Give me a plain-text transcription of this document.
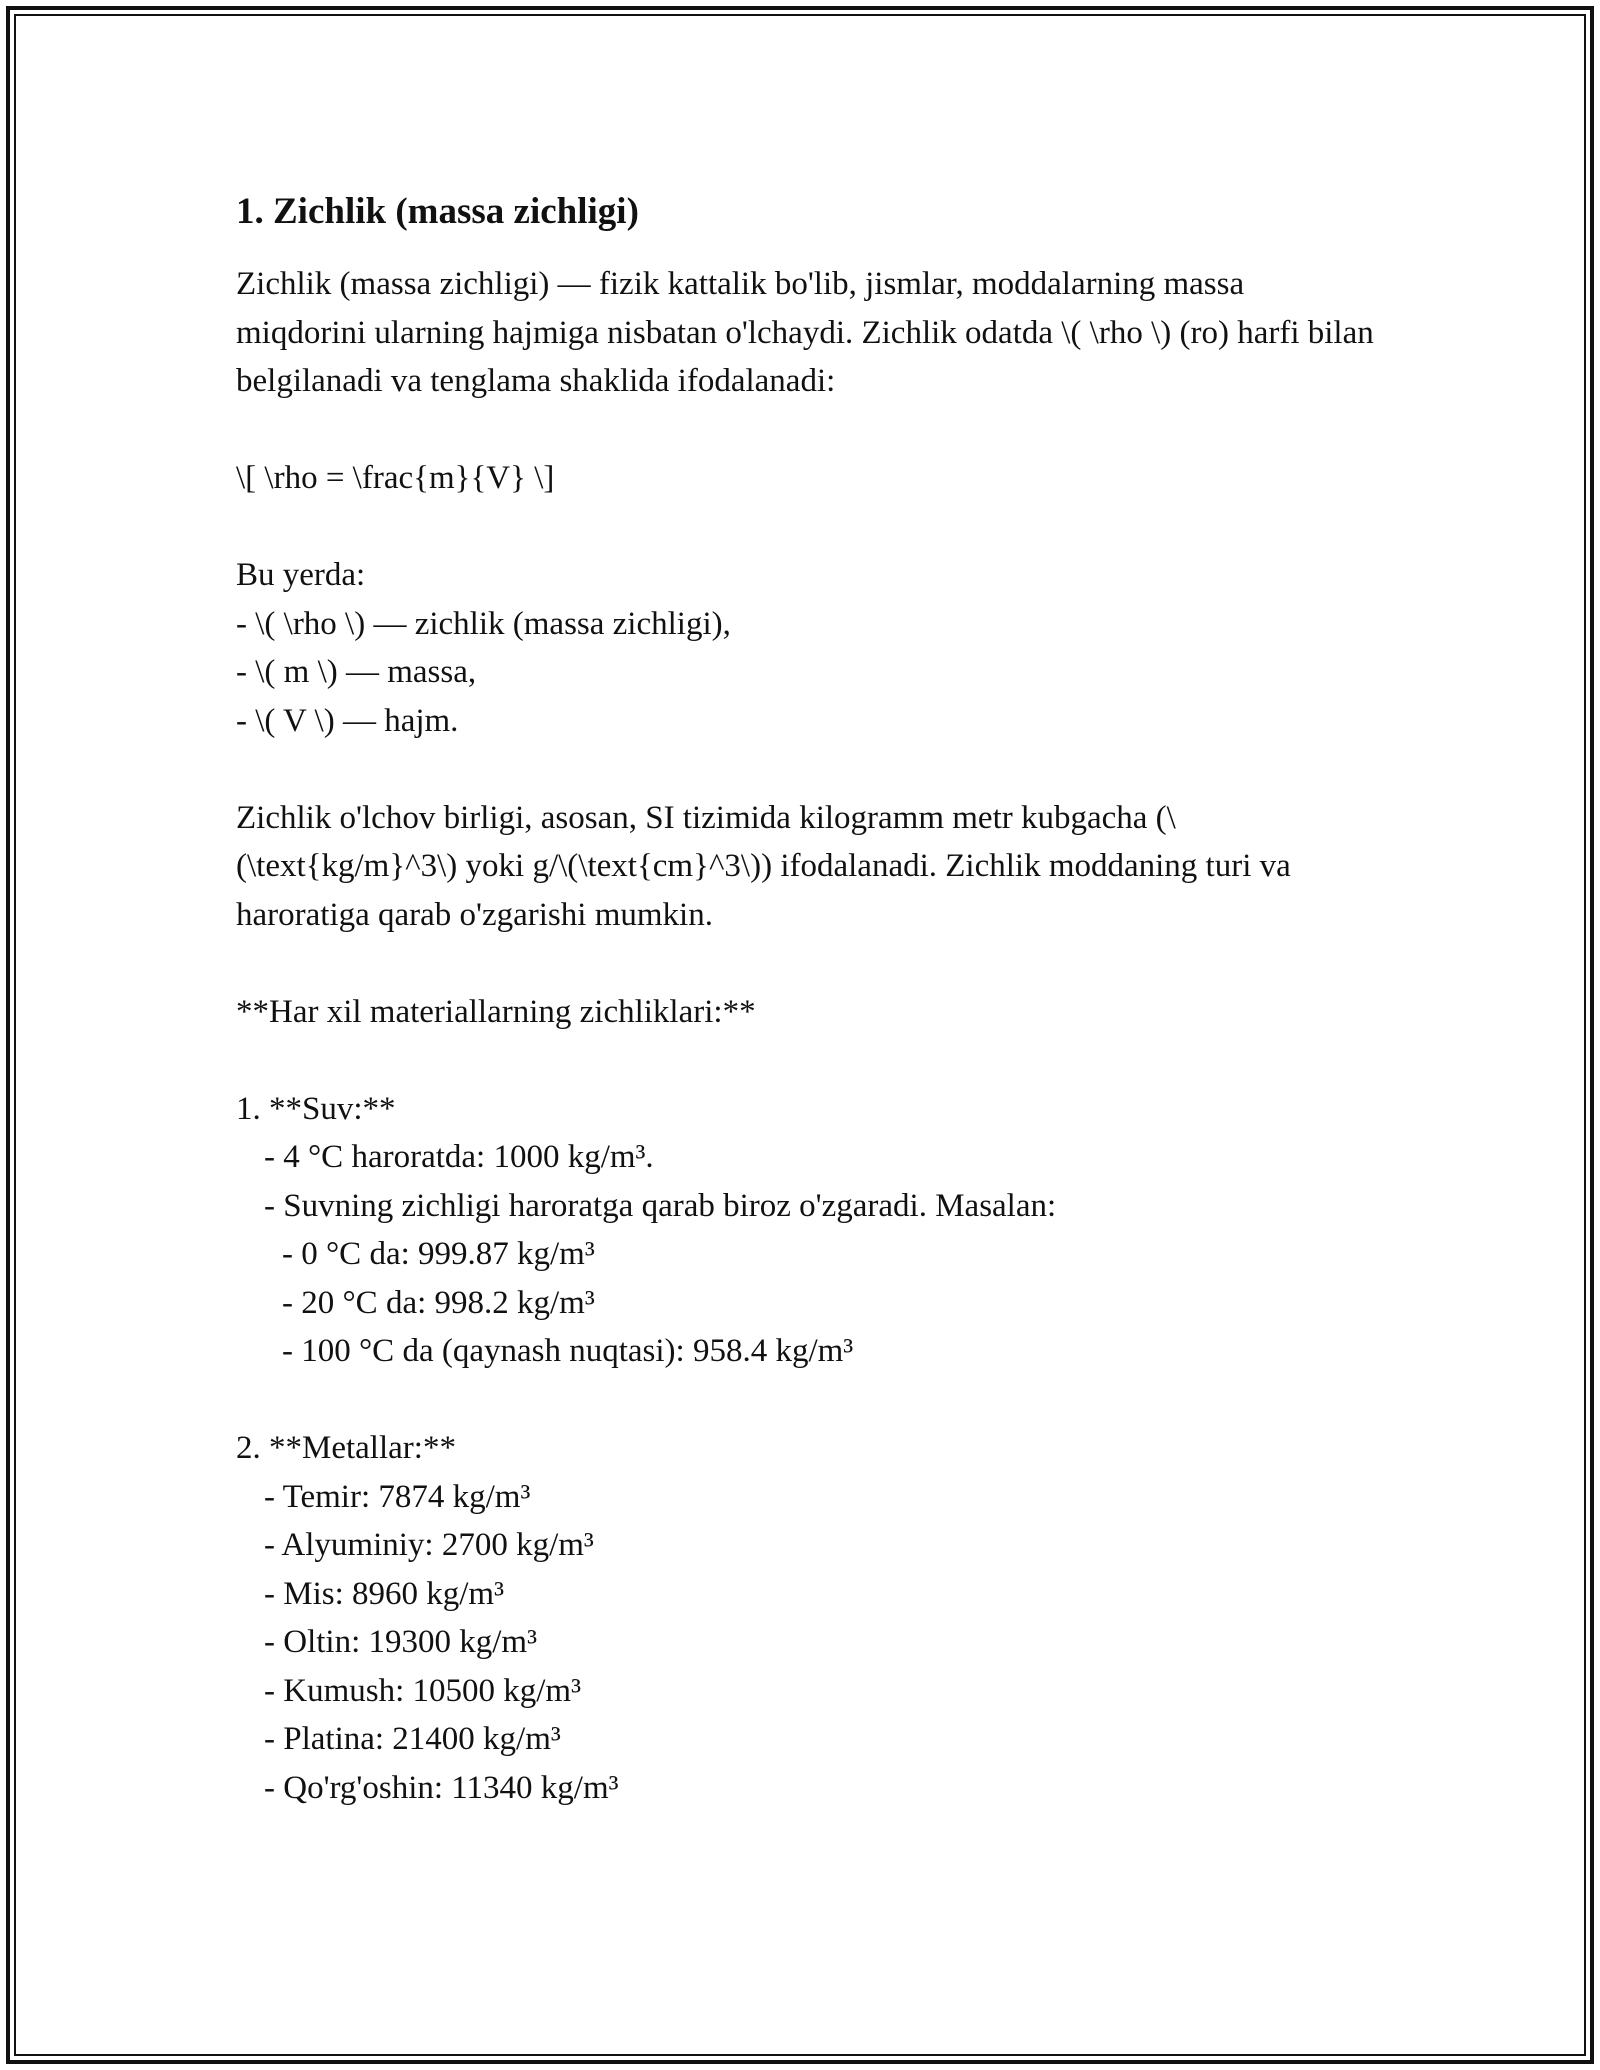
1. Zichlik (massa zichligi)

Zichlik (massa zichligi) — fizik kattalik bo'lib, jismlar, moddalarning massa miqdorini ularning hajmiga nisbatan o'lchaydi. Zichlik odatda \( \rho \) (ro) harfi bilan belgilanadi va tenglama shaklida ifodalanadi:

\[ \rho = \frac{m}{V} \]

Bu yerda:

- \( \rho \) — zichlik (massa zichligi),

- \( m \) — massa,

- \( V \) — hajm.

Zichlik o'lchov birligi, asosan, SI tizimida kilogramm metr kubgacha (\(\text{kg/m}^3\) yoki g/\(\text{cm}^3\)) ifodalanadi. Zichlik moddaning turi va haroratiga qarab o'zgarishi mumkin.

**Har xil materiallarning zichliklari:**

1. **Suv:**

- 4 °C haroratda: 1000 kg/m³.

- Suvning zichligi haroratga qarab biroz o'zgaradi. Masalan:

- 0 °C da: 999.87 kg/m³

- 20 °C da: 998.2 kg/m³

- 100 °C da (qaynash nuqtasi): 958.4 kg/m³

2. **Metallar:**

- Temir: 7874 kg/m³

- Alyuminiy: 2700 kg/m³

- Mis: 8960 kg/m³

- Oltin: 19300 kg/m³

- Kumush: 10500 kg/m³

- Platina: 21400 kg/m³

- Qo'rg'oshin: 11340 kg/m³
